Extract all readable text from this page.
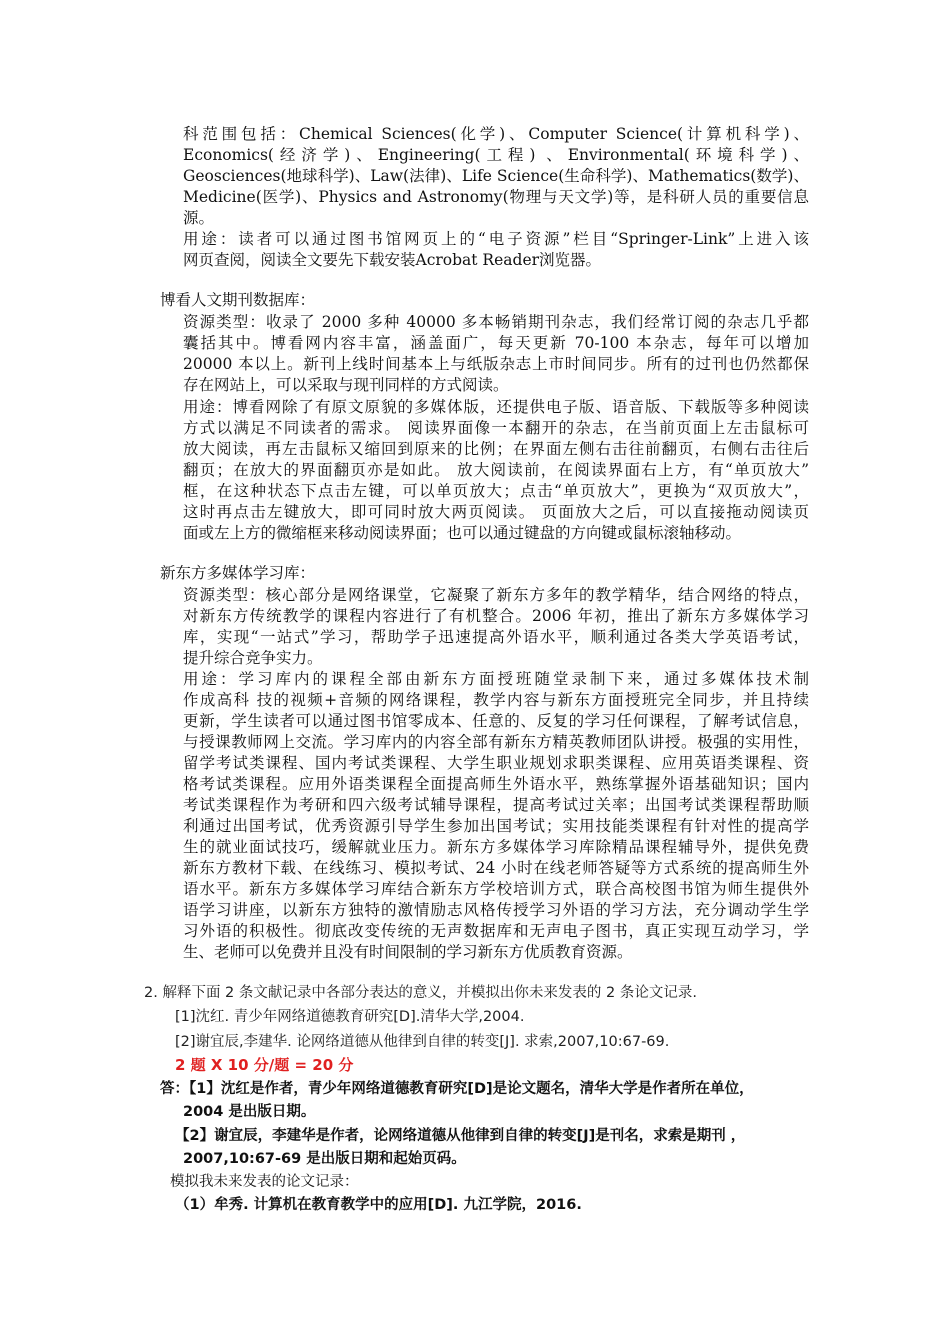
科范围包括：Chemical Sciences(化学)、Computer Science(计算机科学)、
Economics(经济学)、Engineering(工程) 、Environmental(环境科学)、
Geosciences(地球科学)、Law(法律)、Life Science(生命科学)、Mathematics(数学)、
Medicine(医学)、Physics and Astronomy(物理与天文学)等，是科研人员的重要信息
源。
用途：读者可以通过图书馆网页上的“电子资源”栏目“Springer-Link”上进入该
网页查阅，阅读全文要先下载安装Acrobat Reader浏览器。
博看人文期刊数据库：
资源类型：收录了 2000 多种 40000 多本畅销期刊杂志，我们经常订阅的杂志几乎都
囊括其中。博看网内容丰富，涵盖面广，每天更新 70-100 本杂志，每年可以增加
20000 本以上。新刊上线时间基本上与纸版杂志上市时间同步。所有的过刊也仍然都保
存在网站上，可以采取与现刊同样的方式阅读。
用途：博看网除了有原文原貌的多媒体版，还提供电子版、语音版、下载版等多种阅读
方式以满足不同读者的需求。 阅读界面像一本翻开的杂志，在当前页面上左击鼠标可
放大阅读，再左击鼠标又缩回到原来的比例；在界面左侧右击往前翻页，右侧右击往后
翻页；在放大的界面翻页亦是如此。 放大阅读前，在阅读界面右上方，有“单页放大”
框，在这种状态下点击左键，可以单页放大；点击“单页放大”，更换为“双页放大”，
这时再点击左键放大，即可同时放大两页阅读。 页面放大之后，可以直接拖动阅读页
面或左上方的微缩框来移动阅读界面；也可以通过键盘的方向键或鼠标滚轴移动。
新东方多媒体学习库：
资源类型：核心部分是网络课堂，它凝聚了新东方多年的教学精华，结合网络的特点，
对新东方传统教学的课程内容进行了有机整合。2006 年初，推出了新东方多媒体学习
库，实现“一站式”学习，帮助学子迅速提高外语水平，顺利通过各类大学英语考试，
提升综合竞争实力。
用途：学习库内的课程全部由新东方面授班随堂录制下来，通过多媒体技术制
作成高科 技的视频+音频的网络课程，教学内容与新东方面授班完全同步，并且持续
更新，学生读者可以通过图书馆零成本、任意的、反复的学习任何课程，了解考试信息，
与授课教师网上交流。学习库内的内容全部有新东方精英教师团队讲授。极强的实用性，
留学考试类课程、国内考试类课程、大学生职业规划求职类课程、应用英语类课程、资
格考试类课程。应用外语类课程全面提高师生外语水平，熟练掌握外语基础知识；国内
考试类课程作为考研和四六级考试辅导课程，提高考试过关率；出国考试类课程帮助顺
利通过出国考试，优秀资源引导学生参加出国考试；实用技能类课程有针对性的提高学
生的就业面试技巧，缓解就业压力。新东方多媒体学习库除精品课程辅导外，提供免费
新东方教材下载、在线练习、模拟考试、24 小时在线老师答疑等方式系统的提高师生外
语水平。新东方多媒体学习库结合新东方学校培训方式，联合高校图书馆为师生提供外
语学习讲座，以新东方独特的激情励志风格传授学习外语的学习方法，充分调动学生学
习外语的积极性。彻底改变传统的无声数据库和无声电子图书，真正实现互动学习，学
生、老师可以免费并且没有时间限制的学习新东方优质教育资源。
2. 解释下面 2 条文献记录中各部分表达的意义，并模拟出你未来发表的 2 条论文记录.
[1]沈红. 青少年网络道德教育研究[D].清华大学,2004.
[2]谢宜辰,李建华. 论网络道德从他律到自律的转变[J]. 求索,2007,10:67-69.
2 题 X 10 分/题 = 20 分
答：【1】沈红是作者，青少年网络道德教育研究[D]是论文题名，清华大学是作者所在单位，
2004 是出版日期。
【2】谢宜辰，李建华是作者，论网络道德从他律到自律的转变[J]是刊名，求索是期刊 ，
2007,10:67-69 是出版日期和起始页码。
模拟我未来发表的论文记录：
（1）牟秀. 计算机在教育教学中的应用[D]. 九江学院，2016.
